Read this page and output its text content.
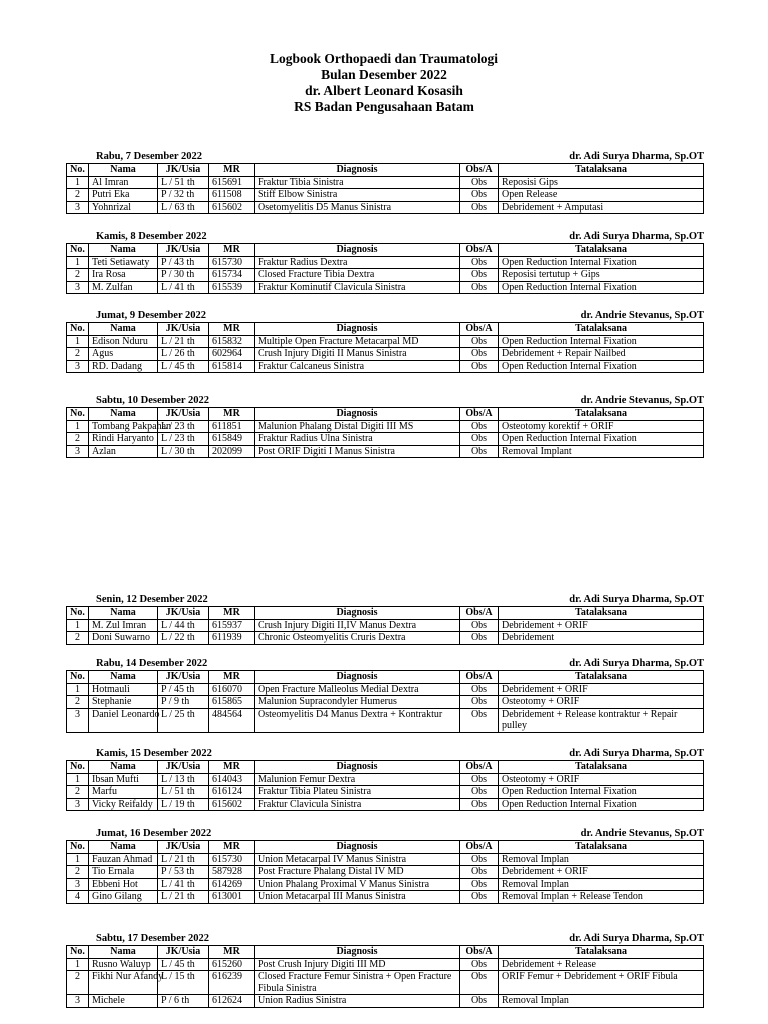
Logbook Orthopaedi dan Traumatologi
Bulan Desember 2022
dr. Albert Leonard Kosasih
RS Badan Pengusahaan Batam
Rabu, 7 Desember 2022	dr. Adi Surya Dharma, Sp.OT
No.	Nama	JK/Usia	MR	Diagnosis	Obs/A	Tatalaksana
1	Al Imran	L / 51 th	615691	Fraktur Tibia Sinistra	Obs	Reposisi Gips
2	Putri Eka	P / 32 th	611508	Stiff Elbow Sinistra	Obs	Open Release
3	Yohnrizal	L / 63 th	615602	Osetomyelitis D5 Manus Sinistra	Obs	Debridement + Amputasi
Kamis, 8 Desember 2022	dr. Adi Surya Dharma, Sp.OT
No.	Nama	JK/Usia	MR	Diagnosis	Obs/A	Tatalaksana
1	Teti Setiawaty	P / 43 th	615730	Fraktur Radius Dextra	Obs	Open Reduction Internal Fixation
2	Ira Rosa	P / 30 th	615734	Closed Fracture Tibia Dextra	Obs	Reposisi tertutup + Gips
3	M. Zulfan	L / 41 th	615539	Fraktur Kominutif Clavicula Sinistra	Obs	Open Reduction Internal Fixation
Jumat, 9 Desember 2022	dr. Andrie Stevanus, Sp.OT
No.	Nama	JK/Usia	MR	Diagnosis	Obs/A	Tatalaksana
1	Edison Nduru	L / 21 th	615832	Multiple Open Fracture Metacarpal MD	Obs	Open Reduction Internal Fixation
2	Agus	L / 26 th	602964	Crush Injury Digiti II Manus Sinistra	Obs	Debridement + Repair Nailbed
3	RD. Dadang	L / 45 th	615814	Fraktur Calcaneus Sinistra	Obs	Open Reduction Internal Fixation
Sabtu, 10 Desember 2022	dr. Andrie Stevanus, Sp.OT
No.	Nama	JK/Usia	MR	Diagnosis	Obs/A	Tatalaksana
1	Tombang Pakpahan	L / 23 th	611851	Malunion Phalang Distal Digiti III MS	Obs	Osteotomy korektif + ORIF
2	Rindi Haryanto	L / 23 th	615849	Fraktur Radius Ulna Sinistra	Obs	Open Reduction Internal Fixation
3	Azlan	L / 30 th	202099	Post ORIF Digiti I Manus Sinistra	Obs	Removal Implant
Senin, 12 Desember 2022	dr. Adi Surya Dharma, Sp.OT
No.	Nama	JK/Usia	MR	Diagnosis	Obs/A	Tatalaksana
1	M. Zul Imran	L / 44 th	615937	Crush Injury Digiti II,IV Manus Dextra	Obs	Debridement + ORIF
2	Doni Suwarno	L / 22 th	611939	Chronic Osteomyelitis Cruris Dextra	Obs	Debridement
Rabu, 14 Desember 2022	dr. Adi Surya Dharma, Sp.OT
No.	Nama	JK/Usia	MR	Diagnosis	Obs/A	Tatalaksana
1	Hotmauli	P / 45 th	616070	Open Fracture Malleolus Medial Dextra	Obs	Debridement + ORIF
2	Stephanie	P / 9 th	615865	Malunion Supracondyler Humerus	Obs	Osteotomy + ORIF
3	Daniel Leonardo	L / 25 th	484564	Osteomyelitis D4 Manus Dextra + Kontraktur	Obs	Debridement + Release kontraktur + Repair pulley
Kamis, 15 Desember 2022	dr. Adi Surya Dharma, Sp.OT
No.	Nama	JK/Usia	MR	Diagnosis	Obs/A	Tatalaksana
1	Ibsan Mufti	L / 13 th	614043	Malunion Femur Dextra	Obs	Osteotomy + ORIF
2	Marfu	L / 51 th	616124	Fraktur Tibia Plateu Sinistra	Obs	Open Reduction Internal Fixation
3	Vicky Reifaldy	L / 19 th	615602	Fraktur Clavicula Sinistra	Obs	Open Reduction Internal Fixation
Jumat, 16 Desember 2022	dr. Andrie Stevanus, Sp.OT
No.	Nama	JK/Usia	MR	Diagnosis	Obs/A	Tatalaksana
1	Fauzan Ahmad	L / 21 th	615730	Union Metacarpal IV Manus Sinistra	Obs	Removal Implan
2	Tio Ernala	P / 53 th	587928	Post Fracture Phalang Distal IV MD	Obs	Debridement + ORIF
3	Ebbeni Hot	L / 41 th	614269	Union Phalang Proximal V Manus Sinistra	Obs	Removal Implan
4	Gino Gilang	L / 21 th	613001	Union Metacarpal III Manus Sinistra	Obs	Removal Implan + Release Tendon
Sabtu, 17 Desember 2022	dr. Adi Surya Dharma, Sp.OT
No.	Nama	JK/Usia	MR	Diagnosis	Obs/A	Tatalaksana
1	Rusno Waluyp	L / 45 th	615260	Post Crush Injury Digiti III MD	Obs	Debridement + Release
2	Fikhi Nur Afandy	L / 15 th	616239	Closed Fracture Femur Sinistra + Open Fracture Fibula Sinistra	Obs	ORIF Femur + Debridement + ORIF Fibula
3	Michele	P / 6 th	612624	Union Radius Sinistra	Obs	Removal Implan
